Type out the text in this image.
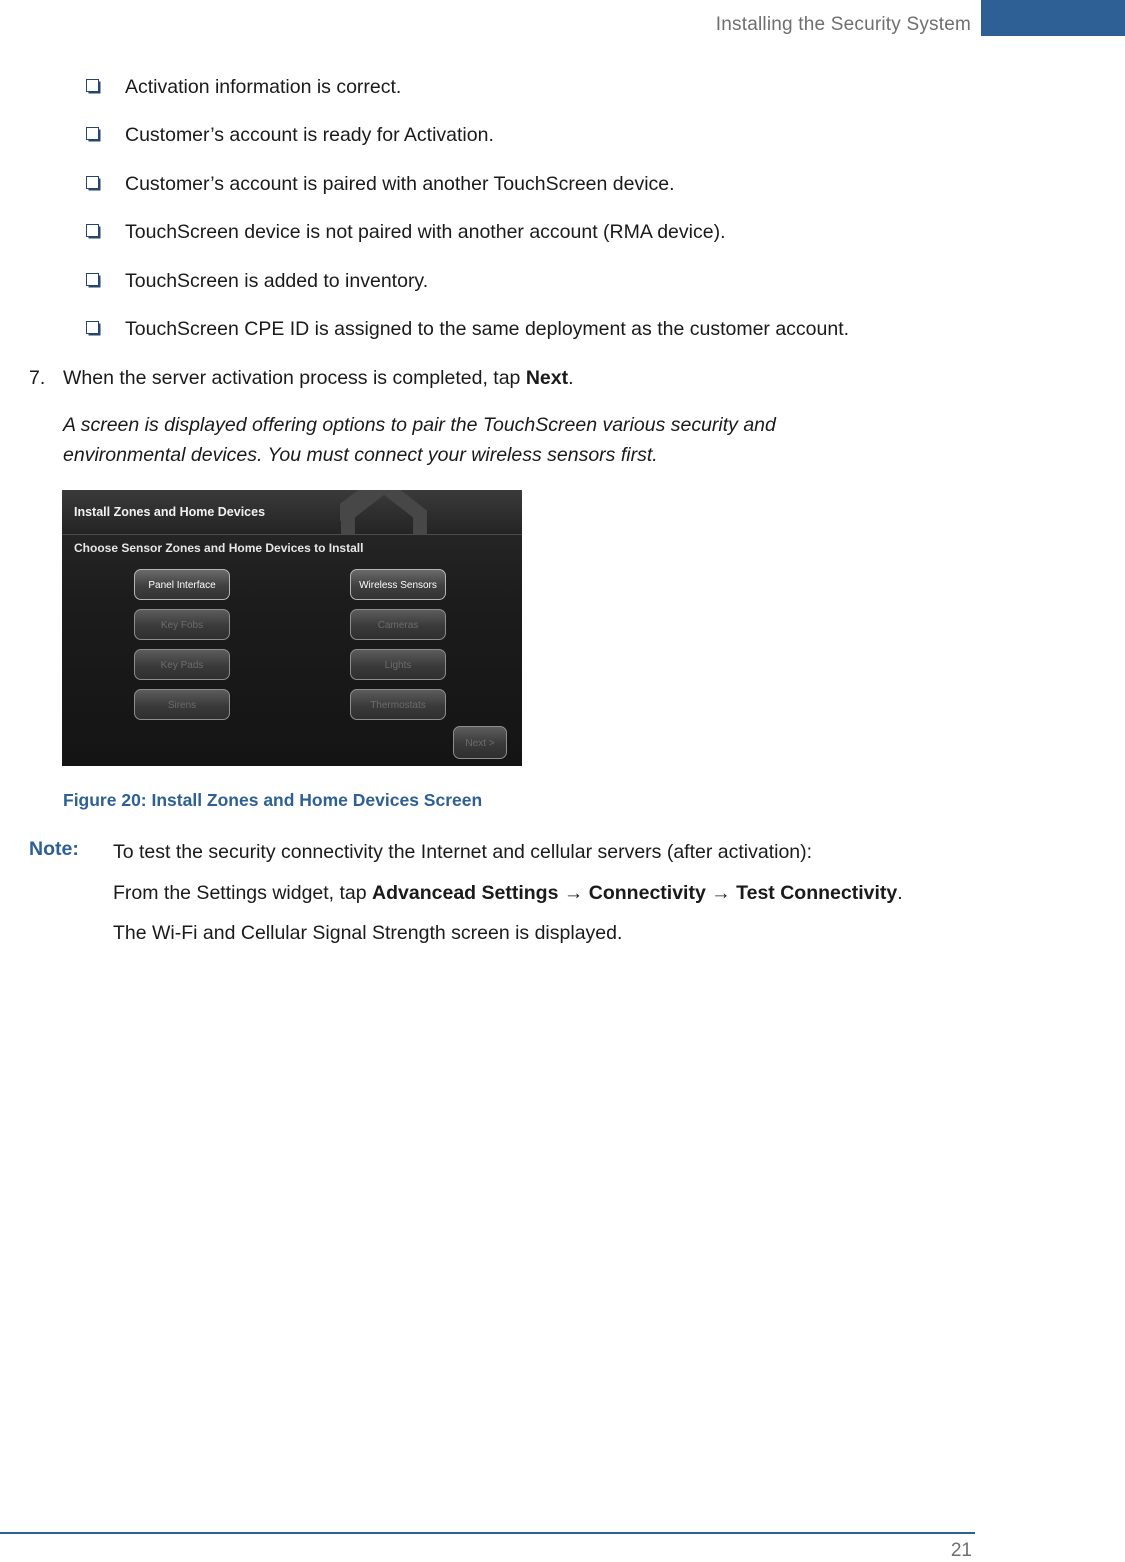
Installing the Security System
Activation information is correct.
Customer’s account is ready for Activation.
Customer’s account is paired with another TouchScreen device.
TouchScreen device is not paired with another account (RMA device).
TouchScreen is added to inventory.
TouchScreen CPE ID is assigned to the same deployment as the customer account.
7. When the server activation process is completed, tap Next.
A screen is displayed offering options to pair the TouchScreen various security and environmental devices. You must connect your wireless sensors first.
Install Zones and Home Devices
Choose Sensor Zones and Home Devices to Install
Panel Interface	Wireless Sensors
Key Fobs	Cameras
Key Pads	Lights
Sirens	Thermostats
Next >
Figure 20: Install Zones and Home Devices Screen
Note: To test the security connectivity the Internet and cellular servers (after activation):
From the Settings widget, tap Advancead Settings → Connectivity → Test Connectivity.
The Wi-Fi and Cellular Signal Strength screen is displayed.
21
